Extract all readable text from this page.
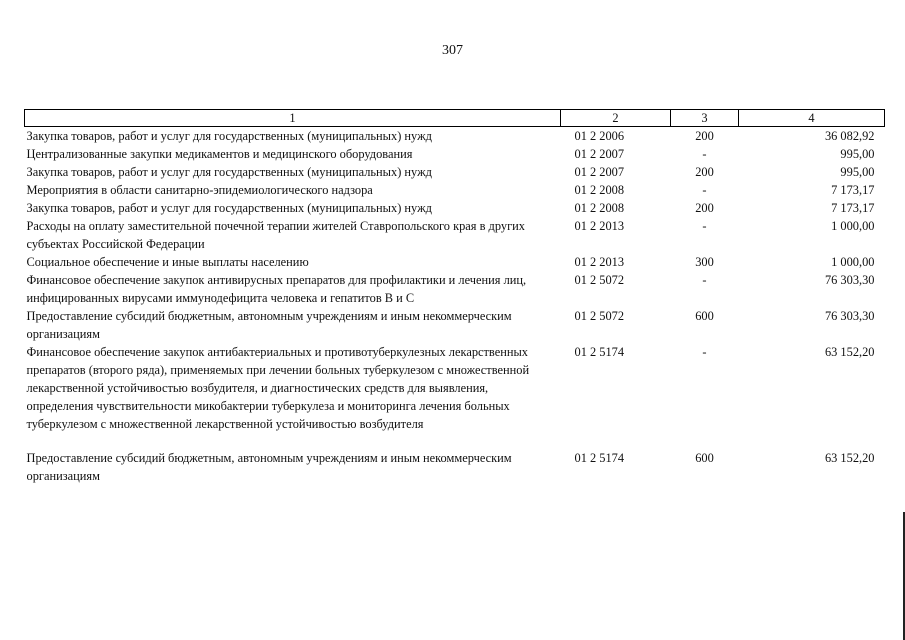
307
1	2	3	4
Закупка товаров, работ и услуг для государственных (муниципальных) нужд	01 2 2006	200	36 082,92
Централизованные закупки медикаментов и медицинского оборудования	01 2 2007	-	995,00
Закупка товаров, работ и услуг для государственных (муниципальных) нужд	01 2 2007	200	995,00
Мероприятия в области санитарно-эпидемиологического надзора	01 2 2008	-	7 173,17
Закупка товаров, работ и услуг для государственных (муниципальных) нужд	01 2 2008	200	7 173,17
Расходы на оплату заместительной почечной терапии жителей Ставропольского края в других субъектах Российской Федерации	01 2 2013	-	1 000,00
Социальное обеспечение и иные выплаты населению	01 2 2013	300	1 000,00
Финансовое обеспечение закупок антивирусных препаратов для профилактики и лечения лиц, инфицированных вирусами иммунодефицита человека и гепатитов В и С	01 2 5072	-	76 303,30
Предоставление субсидий бюджетным, автономным учреждениям и иным некоммерческим организациям	01 2 5072	600	76 303,30
Финансовое обеспечение закупок антибактериальных и противотуберкулезных лекарственных препаратов (второго ряда), применяемых при лечении больных туберкулезом с множественной лекарственной устойчивостью возбудителя, и диагностических средств для выявления, определения чувствительности микобактерии туберкулеза и мониторинга лечения больных туберкулезом с множественной лекарственной устойчивостью возбудителя	01 2 5174	-	63 152,20
Предоставление субсидий бюджетным, автономным учреждениям и иным некоммерческим организациям	01 2 5174	600	63 152,20
